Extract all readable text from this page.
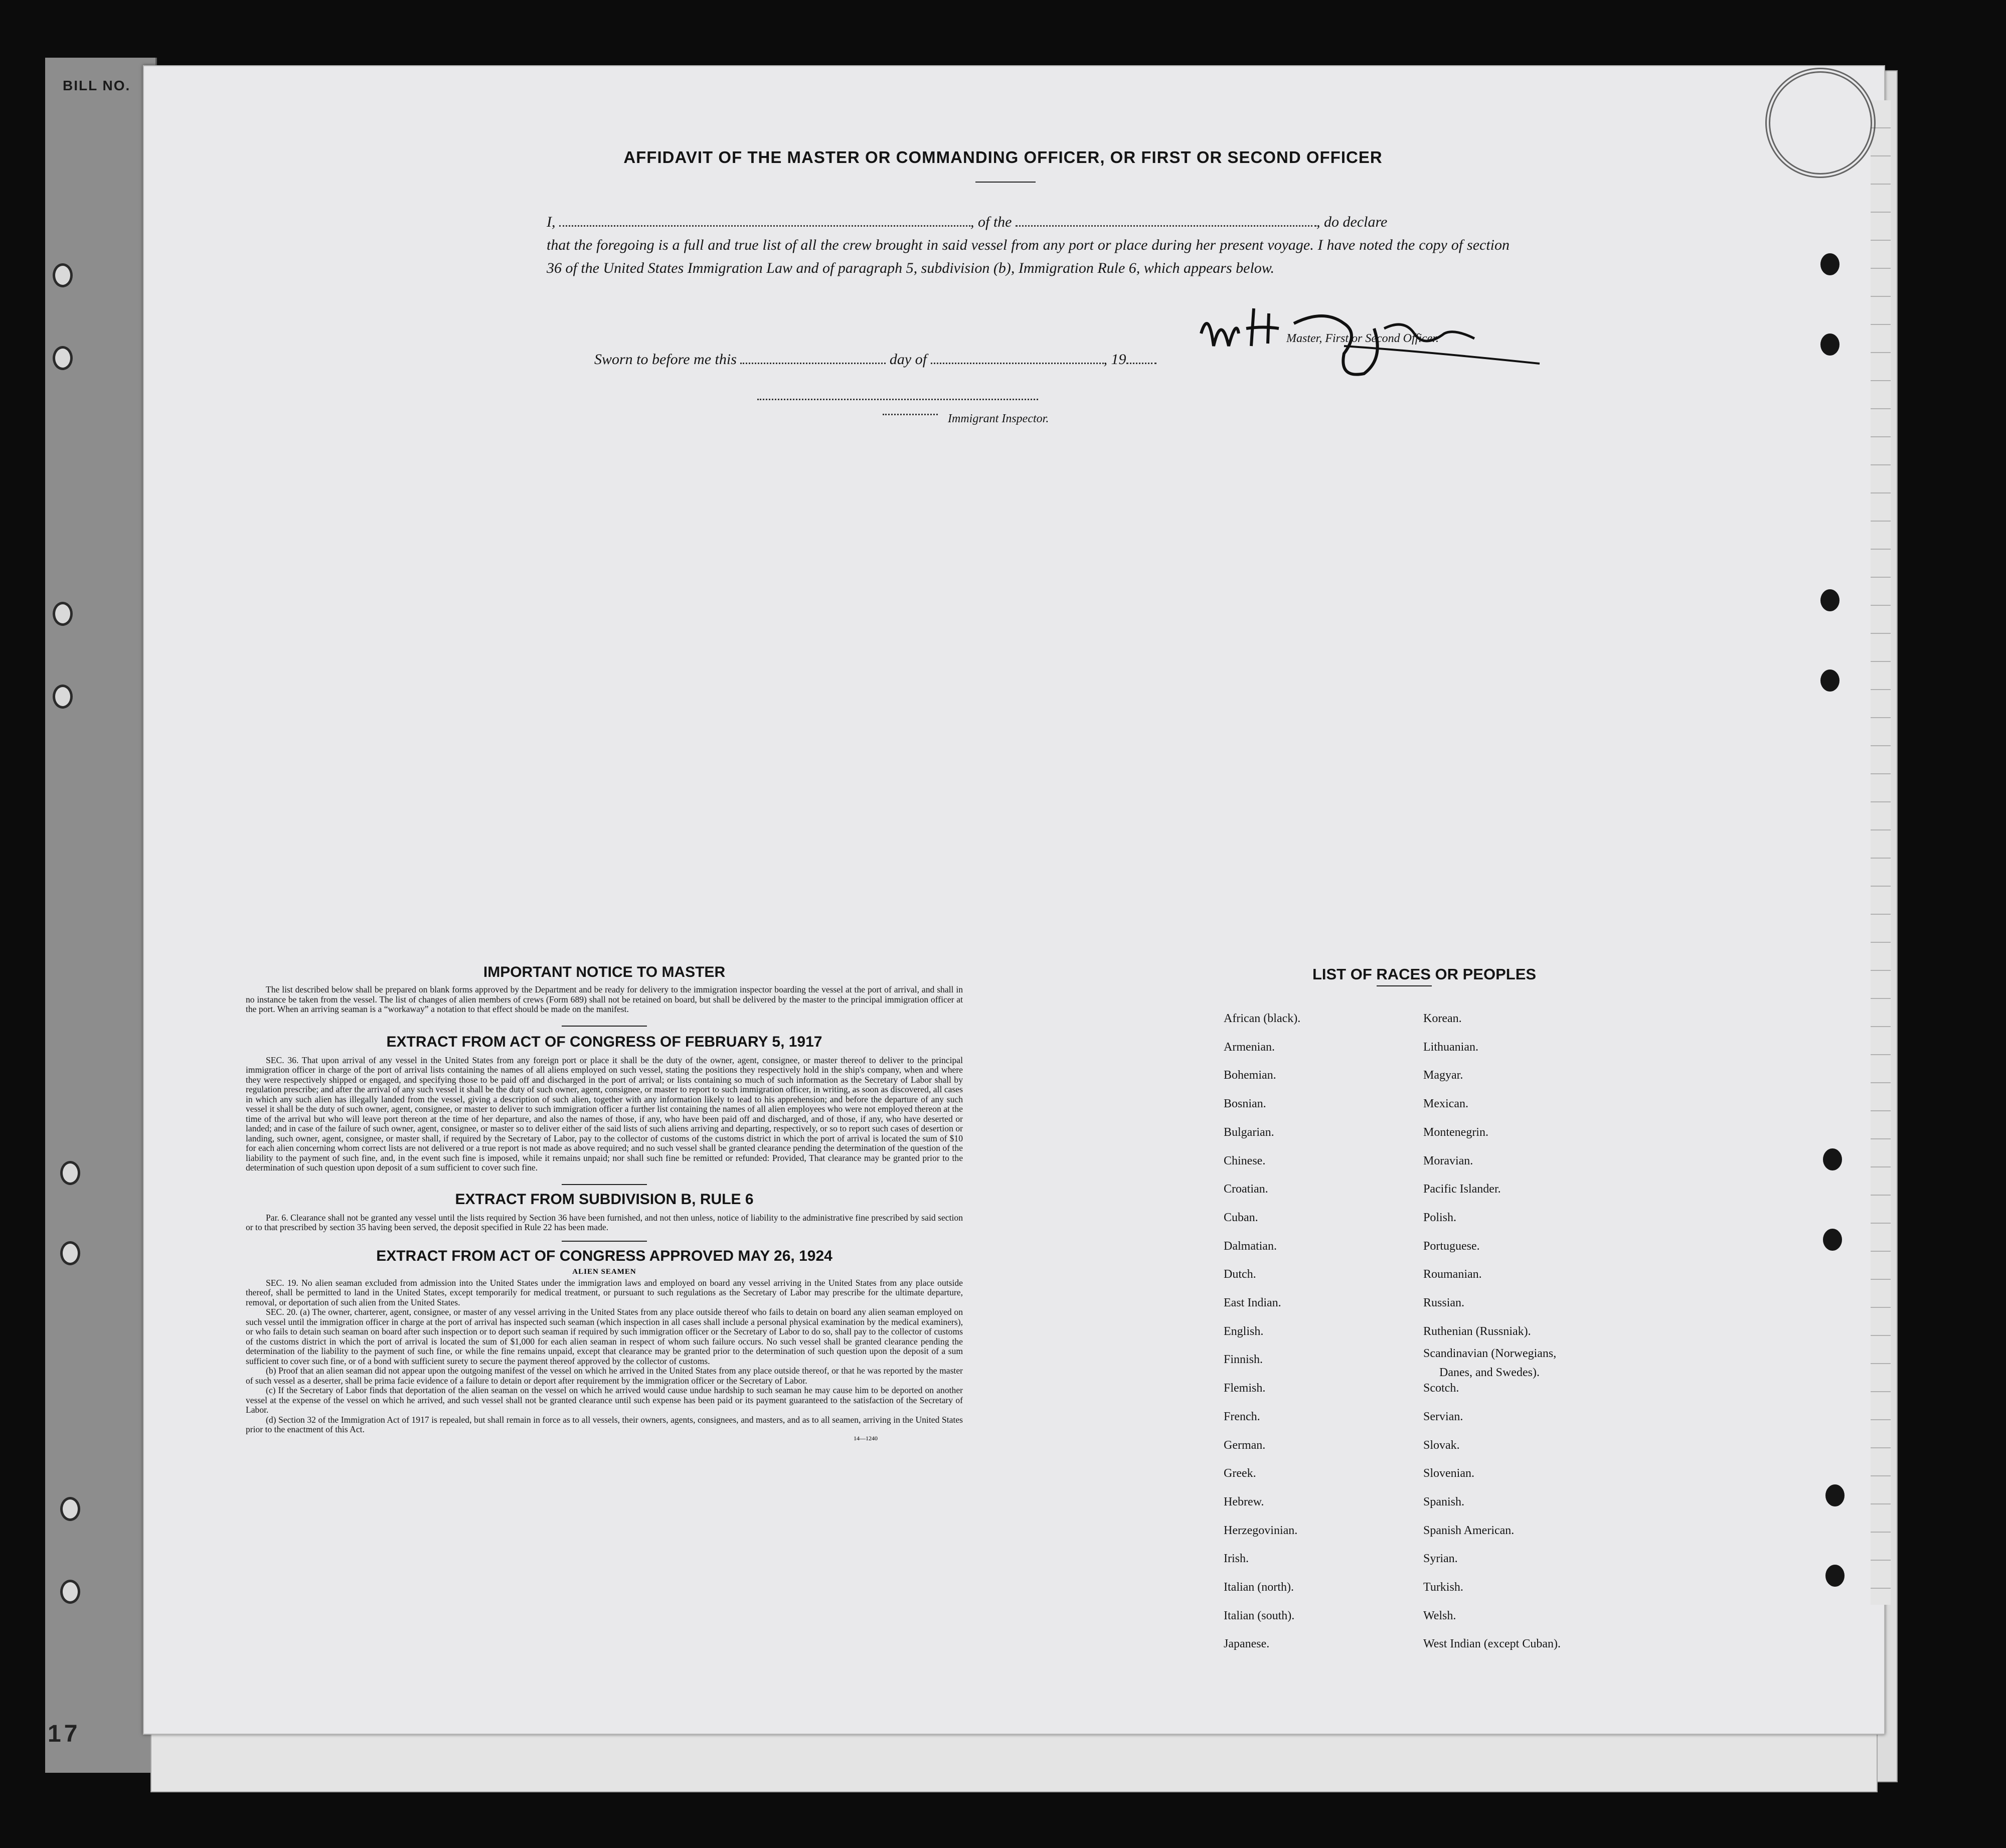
BILL NO.
17
AFFIDAVIT OF THE MASTER OR COMMANDING OFFICER, OR FIRST OR SECOND OFFICER
I,	, of the	, do declare
that the foregoing is a full and true list of all the crew brought in said vessel from any port or place during her present voyage. I have noted the copy of section 36 of the United States Immigration Law and of paragraph 5, subdivision (b), Immigration Rule 6, which appears below.
Master, First or Second Officer.
Sworn to before me this	day of	, 19
Immigrant Inspector.
IMPORTANT NOTICE TO MASTER

The list described below shall be prepared on blank forms approved by the Department and be ready for delivery to the immigration inspector boarding the vessel at the port of arrival, and shall in no instance be taken from the vessel. The list of changes of alien members of crews (Form 689) shall not be retained on board, but shall be delivered by the master to the principal immigration officer at the port. When an arriving seaman is a “workaway” a notation to that effect should be made on the manifest.

EXTRACT FROM ACT OF CONGRESS OF FEBRUARY 5, 1917

SEC. 36. That upon arrival of any vessel in the United States from any foreign port or place it shall be the duty of the owner, agent, consignee, or master thereof to deliver to the principal immigration officer in charge of the port of arrival lists containing the names of all aliens employed on such vessel, stating the positions they respectively hold in the ship's company, when and where they were respectively shipped or engaged, and specifying those to be paid off and discharged in the port of arrival; or lists containing so much of such information as the Secretary of Labor shall by regulation prescribe; and after the arrival of any such vessel it shall be the duty of such owner, agent, consignee, or master to report to such immigration officer, in writing, as soon as discovered, all cases in which any such alien has illegally landed from the vessel, giving a description of such alien, together with any information likely to lead to his apprehension; and before the departure of any such vessel it shall be the duty of such owner, agent, consignee, or master to deliver to such immigration officer a further list containing the names of all alien employees who were not employed thereon at the time of the arrival but who will leave port thereon at the time of her departure, and also the names of those, if any, who have been paid off and discharged, and of those, if any, who have deserted or landed; and in case of the failure of such owner, agent, consignee, or master so to deliver either of the said lists of such aliens arriving and departing, respectively, or so to report such cases of desertion or landing, such owner, agent, consignee, or master shall, if required by the Secretary of Labor, pay to the collector of customs of the customs district in which the port of arrival is located the sum of $10 for each alien concerning whom correct lists are not delivered or a true report is not made as above required; and no such vessel shall be granted clearance pending the determination of the question of the liability to the payment of such fine, and, in the event such fine is imposed, while it remains unpaid; nor shall such fine be remitted or refunded: Provided, That clearance may be granted prior to the determination of such question upon deposit of a sum sufficient to cover such fine.

EXTRACT FROM SUBDIVISION B, RULE 6

Par. 6. Clearance shall not be granted any vessel until the lists required by Section 36 have been furnished, and not then unless, notice of liability to the administrative fine prescribed by said section or to that prescribed by section 35 having been served, the deposit specified in Rule 22 has been made.

EXTRACT FROM ACT OF CONGRESS APPROVED MAY 26, 1924
ALIEN SEAMEN

SEC. 19. No alien seaman excluded from admission into the United States under the immigration laws and employed on board any vessel arriving in the United States from any place outside thereof, shall be permitted to land in the United States, except temporarily for medical treatment, or pursuant to such regulations as the Secretary of Labor may prescribe for the ultimate departure, removal, or deportation of such alien from the United States.

SEC. 20. (a) The owner, charterer, agent, consignee, or master of any vessel arriving in the United States from any place outside thereof who fails to detain on board any alien seaman employed on such vessel until the immigration officer in charge at the port of arrival has inspected such seaman (which inspection in all cases shall include a personal physical examination by the medical examiners), or who fails to detain such seaman on board after such inspection or to deport such seaman if required by such immigration officer or the Secretary of Labor to do so, shall pay to the collector of customs of the customs district in which the port of arrival is located the sum of $1,000 for each alien seaman in respect of whom such failure occurs. No such vessel shall be granted clearance pending the determination of the liability to the payment of such fine, or while the fine remains unpaid, except that clearance may be granted prior to the determination of such question upon the deposit of a sum sufficient to cover such fine, or of a bond with sufficient surety to secure the payment thereof approved by the collector of customs.

(b) Proof that an alien seaman did not appear upon the outgoing manifest of the vessel on which he arrived in the United States from any place outside thereof, or that he was reported by the master of such vessel as a deserter, shall be prima facie evidence of a failure to detain or deport after requirement by the immigration officer or the Secretary of Labor.

(c) If the Secretary of Labor finds that deportation of the alien seaman on the vessel on which he arrived would cause undue hardship to such seaman he may cause him to be deported on another vessel at the expense of the vessel on which he arrived, and such vessel shall not be granted clearance until such expense has been paid or its payment guaranteed to the satisfaction of the Secretary of Labor.

(d) Section 32 of the Immigration Act of 1917 is repealed, but shall remain in force as to all vessels, their owners, agents, consignees, and masters, and as to all seamen, arriving in the United States prior to the enactment of this Act.

14—1240
LIST OF RACES OR PEOPLES
African (black).
Armenian.
Bohemian.
Bosnian.
Bulgarian.
Chinese.
Croatian.
Cuban.
Dalmatian.
Dutch.
East Indian.
English.
Finnish.
Flemish.
French.
German.
Greek.
Hebrew.
Herzegovinian.
Irish.
Italian (north).
Italian (south).
Japanese.
Korean.
Lithuanian.
Magyar.
Mexican.
Montenegrin.
Moravian.
Pacific Islander.
Polish.
Portuguese.
Roumanian.
Russian.
Ruthenian (Russniak).
Scandinavian (Norwegians,
Danes, and Swedes).
Scotch.
Servian.
Slovak.
Slovenian.
Spanish.
Spanish American.
Syrian.
Turkish.
Welsh.
West Indian (except Cuban).
